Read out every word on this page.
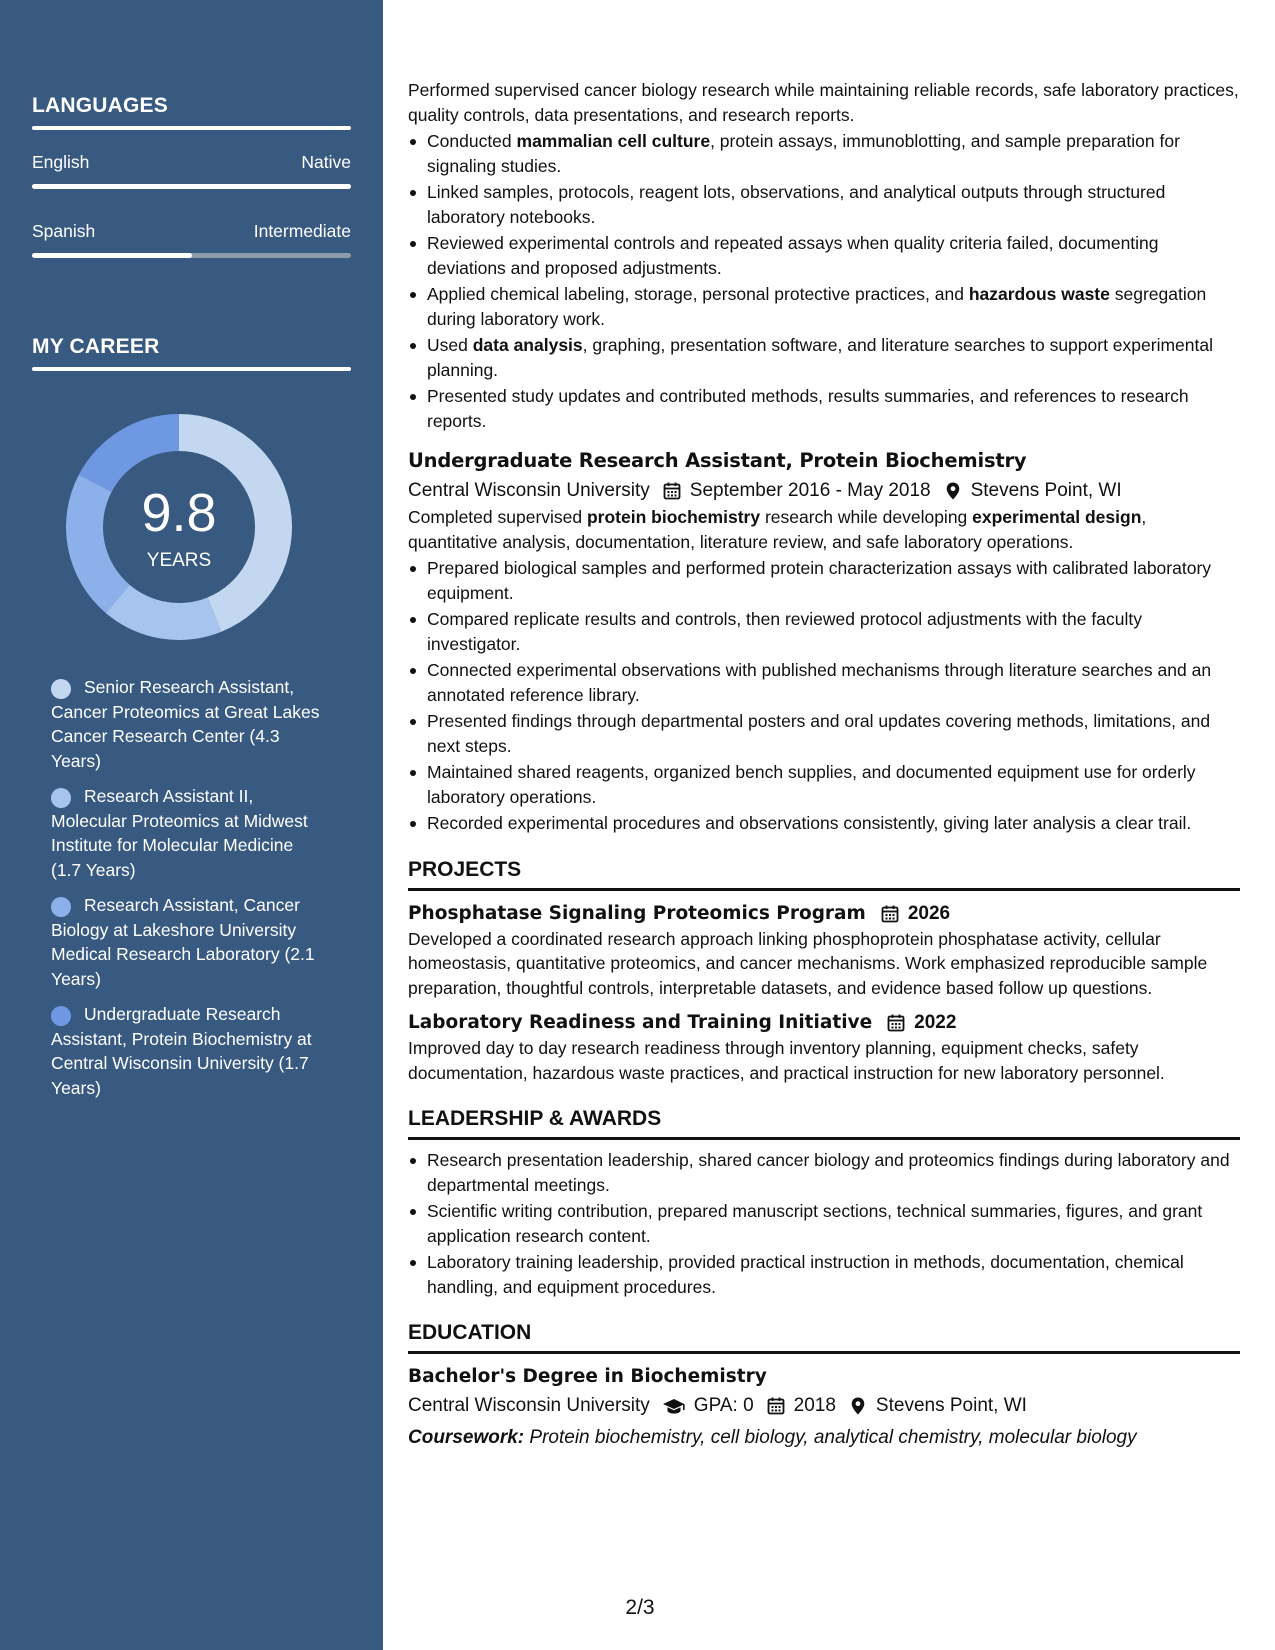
LANGUAGES
English	Native
Spanish	Intermediate
MY CAREER
9.8
YEARS
Senior Research Assistant, Cancer Proteomics at Great Lakes Cancer Research Center (4.3 Years)
Research Assistant II, Molecular Proteomics at Midwest Institute for Molecular Medicine (1.7 Years)
Research Assistant, Cancer Biology at Lakeshore University Medical Research Laboratory (2.1 Years)
Undergraduate Research Assistant, Protein Biochemistry at Central Wisconsin University (1.7 Years)

Performed supervised cancer biology research while maintaining reliable records, safe laboratory practices, quality controls, data presentations, and research reports.

Conducted mammalian cell culture, protein assays, immunoblotting, and sample preparation for signaling studies.
Linked samples, protocols, reagent lots, observations, and analytical outputs through structured laboratory notebooks.
Reviewed experimental controls and repeated assays when quality criteria failed, documenting deviations and proposed adjustments.
Applied chemical labeling, storage, personal protective practices, and hazardous waste segregation during laboratory work.
Used data analysis, graphing, presentation software, and literature searches to support experimental planning.
Presented study updates and contributed methods, results summaries, and references to research reports.
Undergraduate Research Assistant, Protein Biochemistry
Central Wisconsin University September 2016 - May 2018 Stevens Point, WI

Completed supervised protein biochemistry research while developing experimental design, quantitative analysis, documentation, literature review, and safe laboratory operations.

Prepared biological samples and performed protein characterization assays with calibrated laboratory equipment.
Compared replicate results and controls, then reviewed protocol adjustments with the faculty investigator.
Connected experimental observations with published mechanisms through literature searches and an annotated reference library.
Presented findings through departmental posters and oral updates covering methods, limitations, and next steps.
Maintained shared reagents, organized bench supplies, and documented equipment use for orderly laboratory operations.
Recorded experimental procedures and observations consistently, giving later analysis a clear trail.
PROJECTS
Phosphatase Signaling Proteomics Program 2026

Developed a coordinated research approach linking phosphoprotein phosphatase activity, cellular homeostasis, quantitative proteomics, and cancer mechanisms. Work emphasized reproducible sample preparation, thoughtful controls, interpretable datasets, and evidence based follow up questions.

Laboratory Readiness and Training Initiative 2022

Improved day to day research readiness through inventory planning, equipment checks, safety documentation, hazardous waste practices, and practical instruction for new laboratory personnel.

LEADERSHIP & AWARDS
Research presentation leadership, shared cancer biology and proteomics findings during laboratory and departmental meetings.
Scientific writing contribution, prepared manuscript sections, technical summaries, figures, and grant application research content.
Laboratory training leadership, provided practical instruction in methods, documentation, chemical handling, and equipment procedures.
EDUCATION
Bachelor's Degree in Biochemistry
Central Wisconsin University GPA: 0 2018 Stevens Point, WI
Coursework: Protein biochemistry, cell biology, analytical chemistry, molecular biology
2/3
